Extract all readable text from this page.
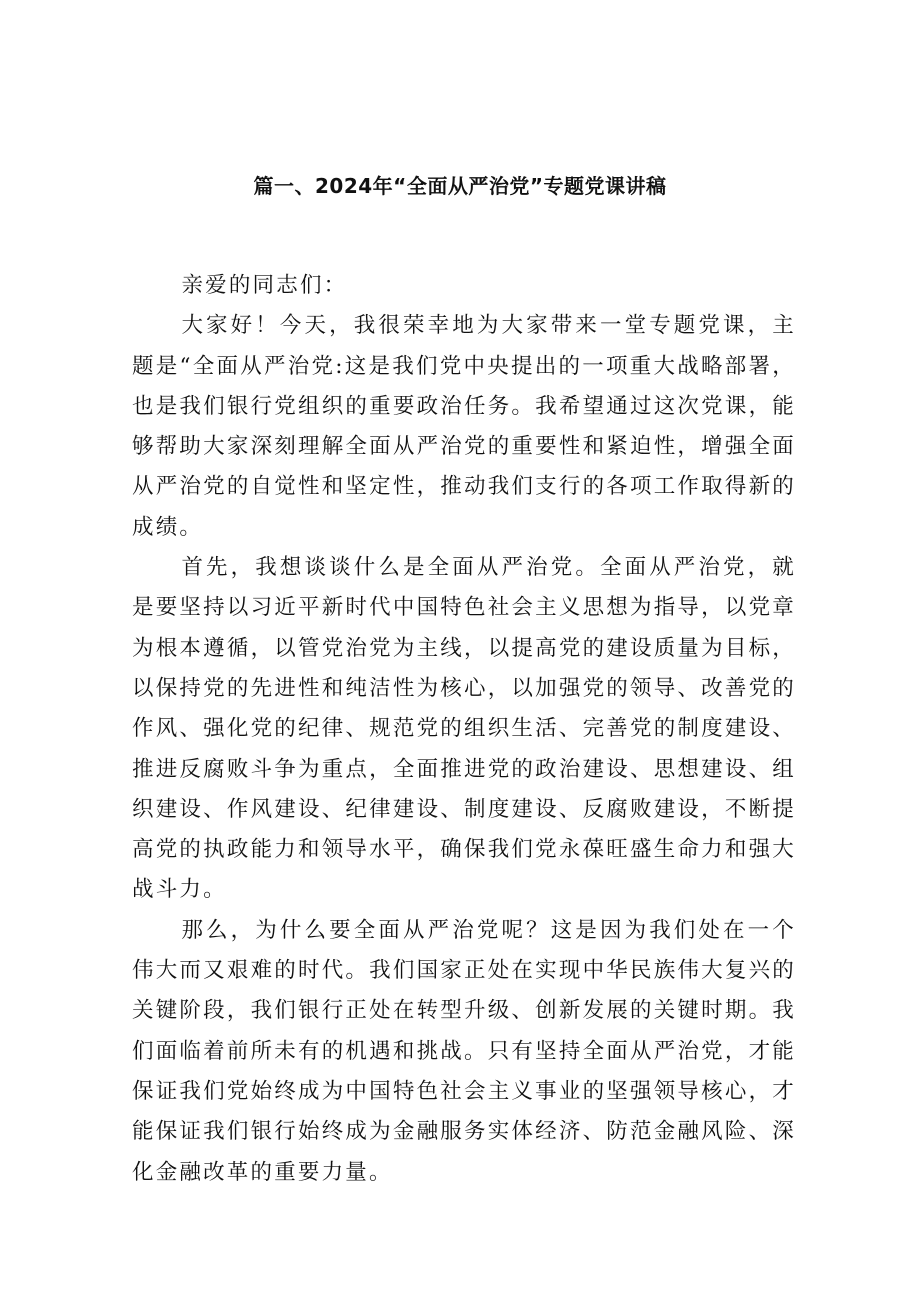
篇一、2024年“全面从严治党”专题党课讲稿

亲爱的同志们：

大家好！今天，我很荣幸地为大家带来一堂专题党课，主题是“全面从严治党:这是我们党中央提出的一项重大战略部署，也是我们银行党组织的重要政治任务。我希望通过这次党课，能够帮助大家深刻理解全面从严治党的重要性和紧迫性，增强全面从严治党的自觉性和坚定性，推动我们支行的各项工作取得新的成绩。

首先，我想谈谈什么是全面从严治党。全面从严治党，就是要坚持以习近平新时代中国特色社会主义思想为指导，以党章为根本遵循，以管党治党为主线，以提高党的建设质量为目标，以保持党的先进性和纯洁性为核心，以加强党的领导、改善党的作风、强化党的纪律、规范党的组织生活、完善党的制度建设、推进反腐败斗争为重点，全面推进党的政治建设、思想建设、组织建设、作风建设、纪律建设、制度建设、反腐败建设，不断提高党的执政能力和领导水平，确保我们党永葆旺盛生命力和强大战斗力。

那么，为什么要全面从严治党呢？这是因为我们处在一个伟大而又艰难的时代。我们国家正处在实现中华民族伟大复兴的关键阶段，我们银行正处在转型升级、创新发展的关键时期。我们面临着前所未有的机遇和挑战。只有坚持全面从严治党，才能保证我们党始终成为中国特色社会主义事业的坚强领导核心，才能保证我们银行始终成为金融服务实体经济、防范金融风险、深化金融改革的重要力量。
